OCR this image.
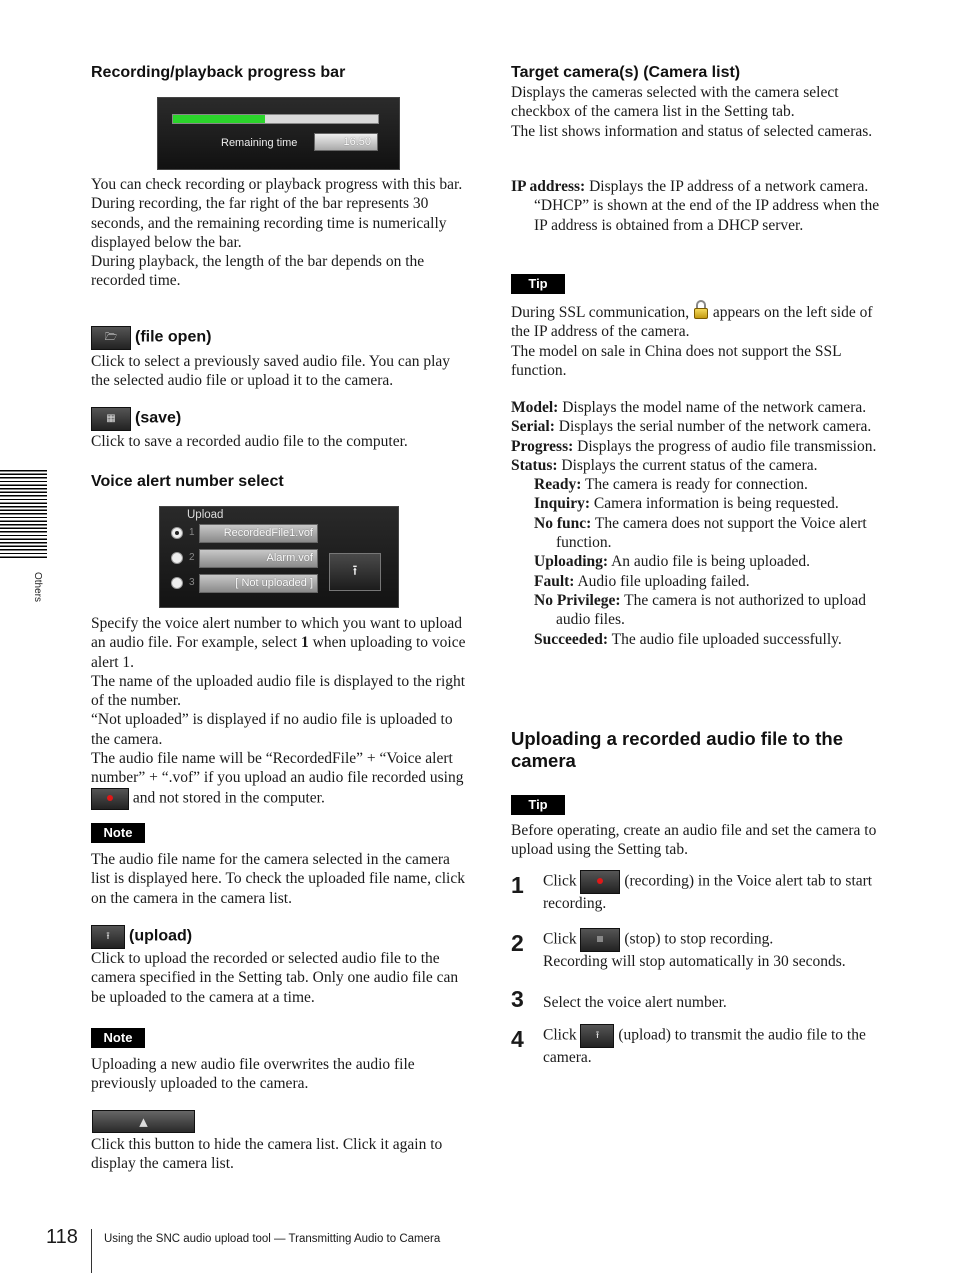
Others
Recording/playback progress bar
Remaining time	16.50

You can check recording or playback progress with this bar.

During recording, the far right of the bar represents 30 seconds, and the remaining recording time is numerically displayed below the bar.

During playback, the length of the bar depends on the recorded time.

🗁 (file open)
Click to select a previously saved audio file. You can play the selected audio file or upload it to the camera.
▦ (save)
Click to save a recorded audio file to the computer.
Voice alert number select
Upload
1	RecordedFile1.vof
2	Alarm.vof
3	[ Not uploaded ]
⭱

Specify the voice alert number to which you want to upload an audio file. For example, select 1 when uploading to voice alert 1.

The name of the uploaded audio file is displayed to the right of the number.

“Not uploaded” is displayed if no audio file is uploaded to the camera.

The audio file name will be “RecordedFile” + “Voice alert number” + “.vof” if you upload an audio file recorded using
and not stored in the computer.

Note
The audio file name for the camera selected in the camera list is displayed here. To check the uploaded file name, click on the camera in the camera list.
⭱ (upload)
Click to upload the recorded or selected audio file to the camera specified in the Setting tab. Only one audio file can be uploaded to the camera at a time.
Note
Uploading a new audio file overwrites the audio file previously uploaded to the camera.
▲
Click this button to hide the camera list. Click it again to display the camera list.
Target camera(s) (Camera list)

Displays the cameras selected with the camera select checkbox of the camera list in the Setting tab.

The list shows information and status of selected cameras.

IP address: Displays the IP address of a network camera. “DHCP” is shown at the end of the IP address when the IP address is obtained from a DHCP server.
Tip

During SSL communication, appears on the left side of the IP address of the camera.

The model on sale in China does not support the SSL function.

Model: Displays the model name of the network camera.

Serial: Displays the serial number of the network camera.

Progress: Displays the progress of audio file transmission.

Status: Displays the current status of the camera.

Ready: The camera is ready for connection.

Inquiry: Camera information is being requested.

No func: The camera does not support the Voice alert function.

Uploading: An audio file is being uploaded.

Fault: Audio file uploading failed.

No Privilege: The camera is not authorized to upload audio files.

Succeeded: The audio file uploaded successfully.

Uploading a recorded audio file to the camera
Tip
Before operating, create an audio file and set the camera to upload using the Setting tab.
1 Click	(recording) in the Voice alert tab to start recording.
2 Click	(stop) to stop recording.
Recording will stop automatically in 30 seconds.
3 Select the voice alert number.
4 Click ⭱ (upload) to transmit the audio file to the camera.
118 Using the SNC audio upload tool — Transmitting Audio to Camera
